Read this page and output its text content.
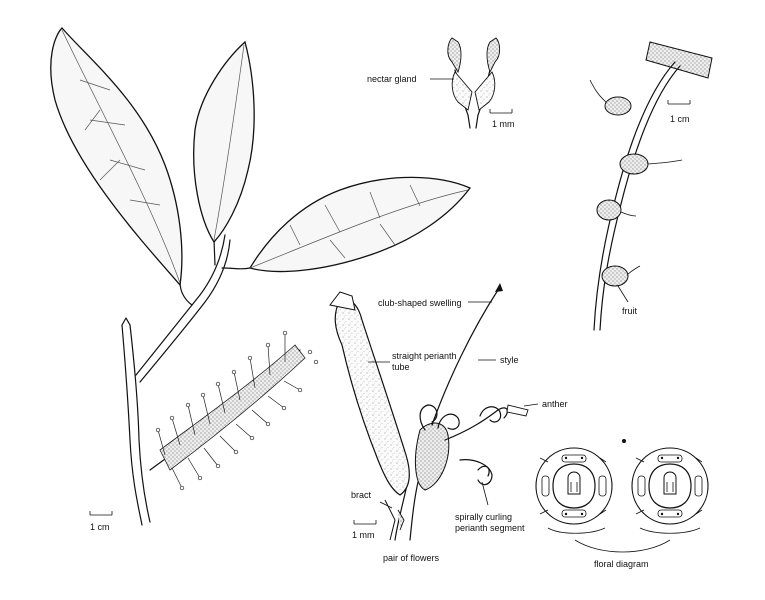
1 cm
nectar gland
1 mm
fruit
1 cm
club-shaped swelling
straight perianth
tube
style
anther
bract
spirally curling
perianth segment
1 mm
pair of flowers
floral diagram
